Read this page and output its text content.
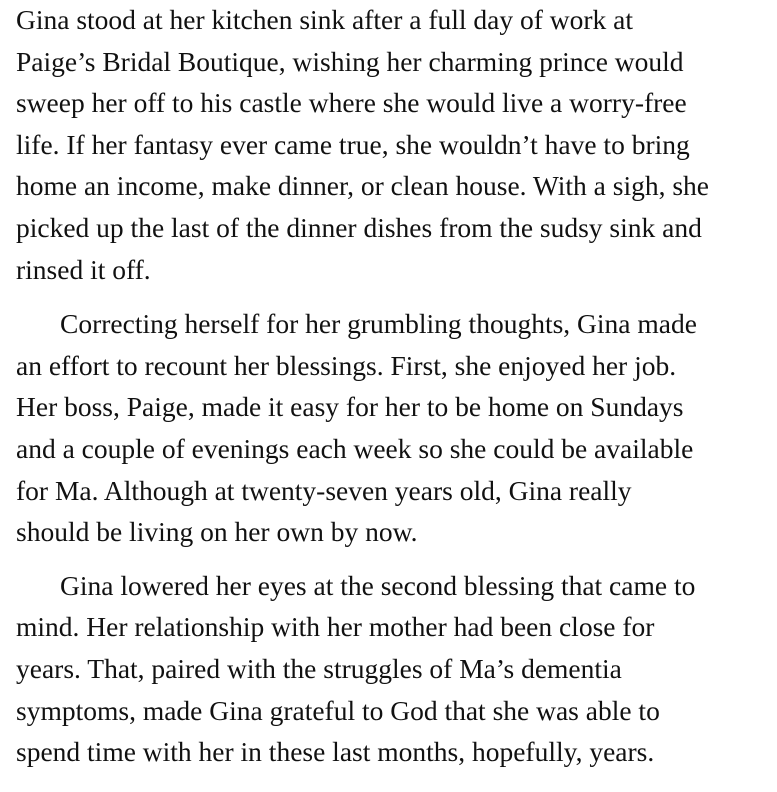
Gina stood at her kitchen sink after a full day of work at
Paige’s Bridal Boutique, wishing her charming prince would
sweep her off to his castle where she would live a worry-free
life. If her fantasy ever came true, she wouldn’t have to bring
home an income, make dinner, or clean house. With a sigh, she
picked up the last of the dinner dishes from the sudsy sink and
rinsed it off.

Correcting herself for her grumbling thoughts, Gina made
an effort to recount her blessings. First, she enjoyed her job.
Her boss, Paige, made it easy for her to be home on Sundays
and a couple of evenings each week so she could be available
for Ma. Although at twenty-seven years old, Gina really
should be living on her own by now.

Gina lowered her eyes at the second blessing that came to
mind. Her relationship with her mother had been close for
years. That, paired with the struggles of Ma’s dementia
symptoms, made Gina grateful to God that she was able to
spend time with her in these last months, hopefully, years.
